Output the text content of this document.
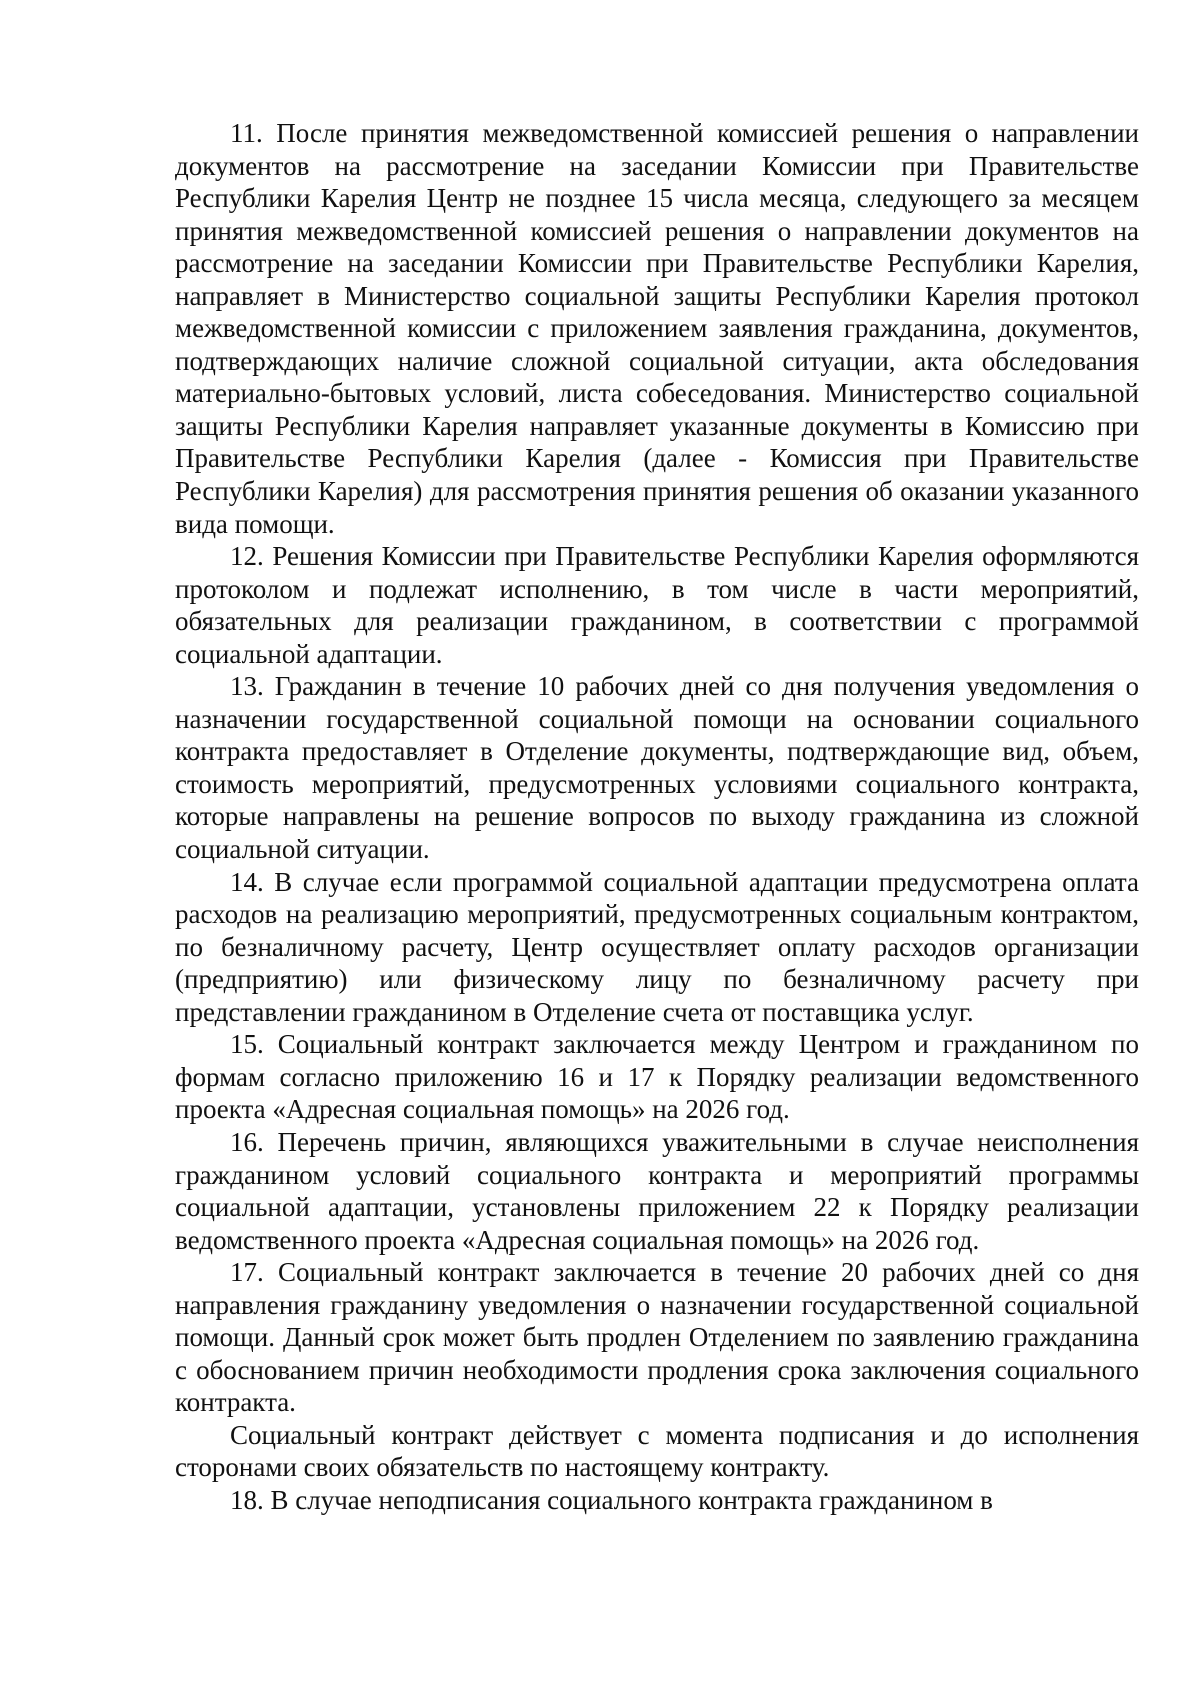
11. После принятия межведомственной комиссией решения о направлении документов на рассмотрение на заседании Комиссии при Правительстве Республики Карелия Центр не позднее 15 числа месяца, следующего за месяцем принятия межведомственной комиссией решения о направлении документов на рассмотрение на заседании Комиссии при Правительстве Республики Карелия, направляет в Министерство социальной защиты Республики Карелия протокол межведомственной комиссии с приложением заявления гражданина, документов, подтверждающих наличие сложной социальной ситуации, акта обследования материально-бытовых условий, листа собеседования. Министерство социальной защиты Республики Карелия направляет указанные документы в Комиссию при Правительстве Республики Карелия (далее - Комиссия при Правительстве Республики Карелия) для рассмотрения принятия решения об оказании указанного вида помощи.

12. Решения Комиссии при Правительстве Республики Карелия оформляются протоколом и подлежат исполнению, в том числе в части мероприятий, обязательных для реализации гражданином, в соответствии с программой социальной адаптации.

13. Гражданин в течение 10 рабочих дней со дня получения уведомления о назначении государственной социальной помощи на основании социального контракта предоставляет в Отделение документы, подтверждающие вид, объем, стоимость мероприятий, предусмотренных условиями социального контракта, которые направлены на решение вопросов по выходу гражданина из сложной социальной ситуации.

14. В случае если программой социальной адаптации предусмотрена оплата расходов на реализацию мероприятий, предусмотренных социальным контрактом, по безналичному расчету, Центр осуществляет оплату расходов организации (предприятию) или физическому лицу по безналичному расчету при представлении гражданином в Отделение счета от поставщика услуг.

15. Социальный контракт заключается между Центром и гражданином по формам согласно приложению 16 и 17 к Порядку реализации ведомственного проекта «Адресная социальная помощь» на 2026 год.

16. Перечень причин, являющихся уважительными в случае неисполнения гражданином условий социального контракта и мероприятий программы социальной адаптации, установлены приложением 22 к Порядку реализации ведомственного проекта «Адресная социальная помощь» на 2026 год.

17. Социальный контракт заключается в течение 20 рабочих дней со дня направления гражданину уведомления о назначении государственной социальной помощи. Данный срок может быть продлен Отделением по заявлению гражданина с обоснованием причин необходимости продления срока заключения социального контракта.

Социальный контракт действует с момента подписания и до исполнения сторонами своих обязательств по настоящему контракту.

18. В случае неподписания социального контракта гражданином в
